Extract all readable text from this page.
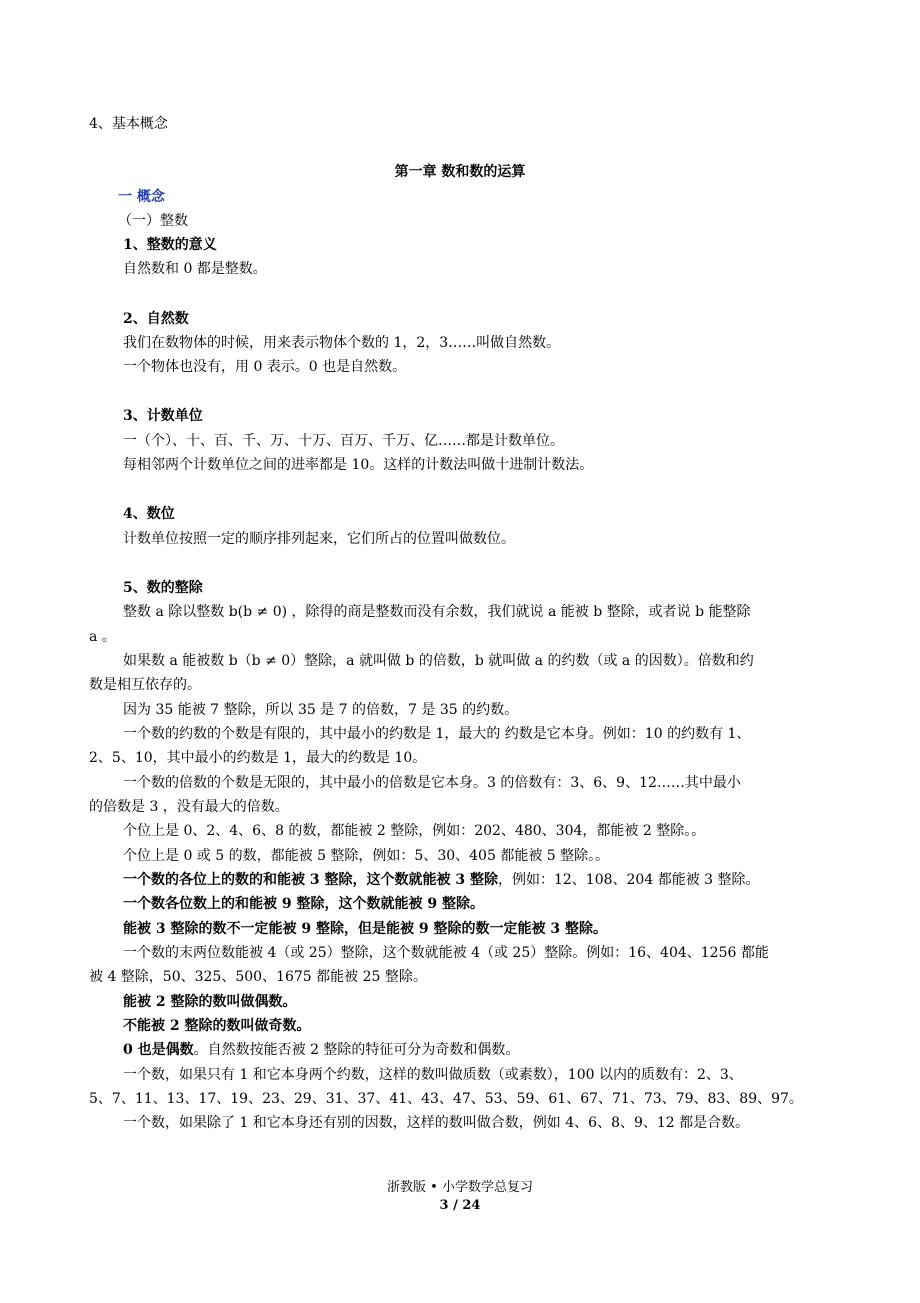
4、基本概念
第一章 数和数的运算
一 概念
（一）整数
1、整数的意义
自然数和 0 都是整数。
2、自然数
我们在数物体的时候，用来表示物体个数的 1，2，3……叫做自然数。
一个物体也没有，用 0 表示。0 也是自然数。
3、计数单位
一（个）、十、百、千、万、十万、百万、千万、亿……都是计数单位。
每相邻两个计数单位之间的进率都是 10。这样的计数法叫做十进制计数法。
4、数位
计数单位按照一定的顺序排列起来，它们所占的位置叫做数位。
5、数的整除
整数 a 除以整数 b(b ≠ 0) ，除得的商是整数而没有余数，我们就说 a 能被 b 整除，或者说 b 能整除
a 。
如果数 a 能被数 b（b ≠ 0）整除，a 就叫做 b 的倍数，b 就叫做 a 的约数（或 a 的因数）。倍数和约
数是相互依存的。
因为 35 能被 7 整除，所以 35 是 7 的倍数，7 是 35 的约数。
一个数的约数的个数是有限的，其中最小的约数是 1，最大的 约数是它本身。例如：10 的约数有 1、
2、5、10，其中最小的约数是 1，最大的约数是 10。
一个数的倍数的个数是无限的，其中最小的倍数是它本身。3 的倍数有：3、6、9、12……其中最小
的倍数是 3 ，没有最大的倍数。
个位上是 0、2、4、6、8 的数，都能被 2 整除，例如：202、480、304，都能被 2 整除。。
个位上是 0 或 5 的数，都能被 5 整除，例如：5、30、405 都能被 5 整除。。
一个数的各位上的数的和能被 3 整除，这个数就能被 3 整除，例如：12、108、204 都能被 3 整除。
一个数各位数上的和能被 9 整除，这个数就能被 9 整除。
能被 3 整除的数不一定能被 9 整除，但是能被 9 整除的数一定能被 3 整除。
一个数的末两位数能被 4（或 25）整除，这个数就能被 4（或 25）整除。例如：16、404、1256 都能
被 4 整除，50、325、500、1675 都能被 25 整除。
能被 2 整除的数叫做偶数。
不能被 2 整除的数叫做奇数。
0 也是偶数。自然数按能否被 2 整除的特征可分为奇数和偶数。
一个数，如果只有 1 和它本身两个约数，这样的数叫做质数（或素数），100 以内的质数有：2、3、
5、7、11、13、17、19、23、29、31、37、41、43、47、53、59、61、67、71、73、79、83、89、97。
一个数，如果除了 1 和它本身还有别的因数，这样的数叫做合数，例如 4、6、8、9、12 都是合数。
浙教版 • 小学数学总复习
3 / 24
